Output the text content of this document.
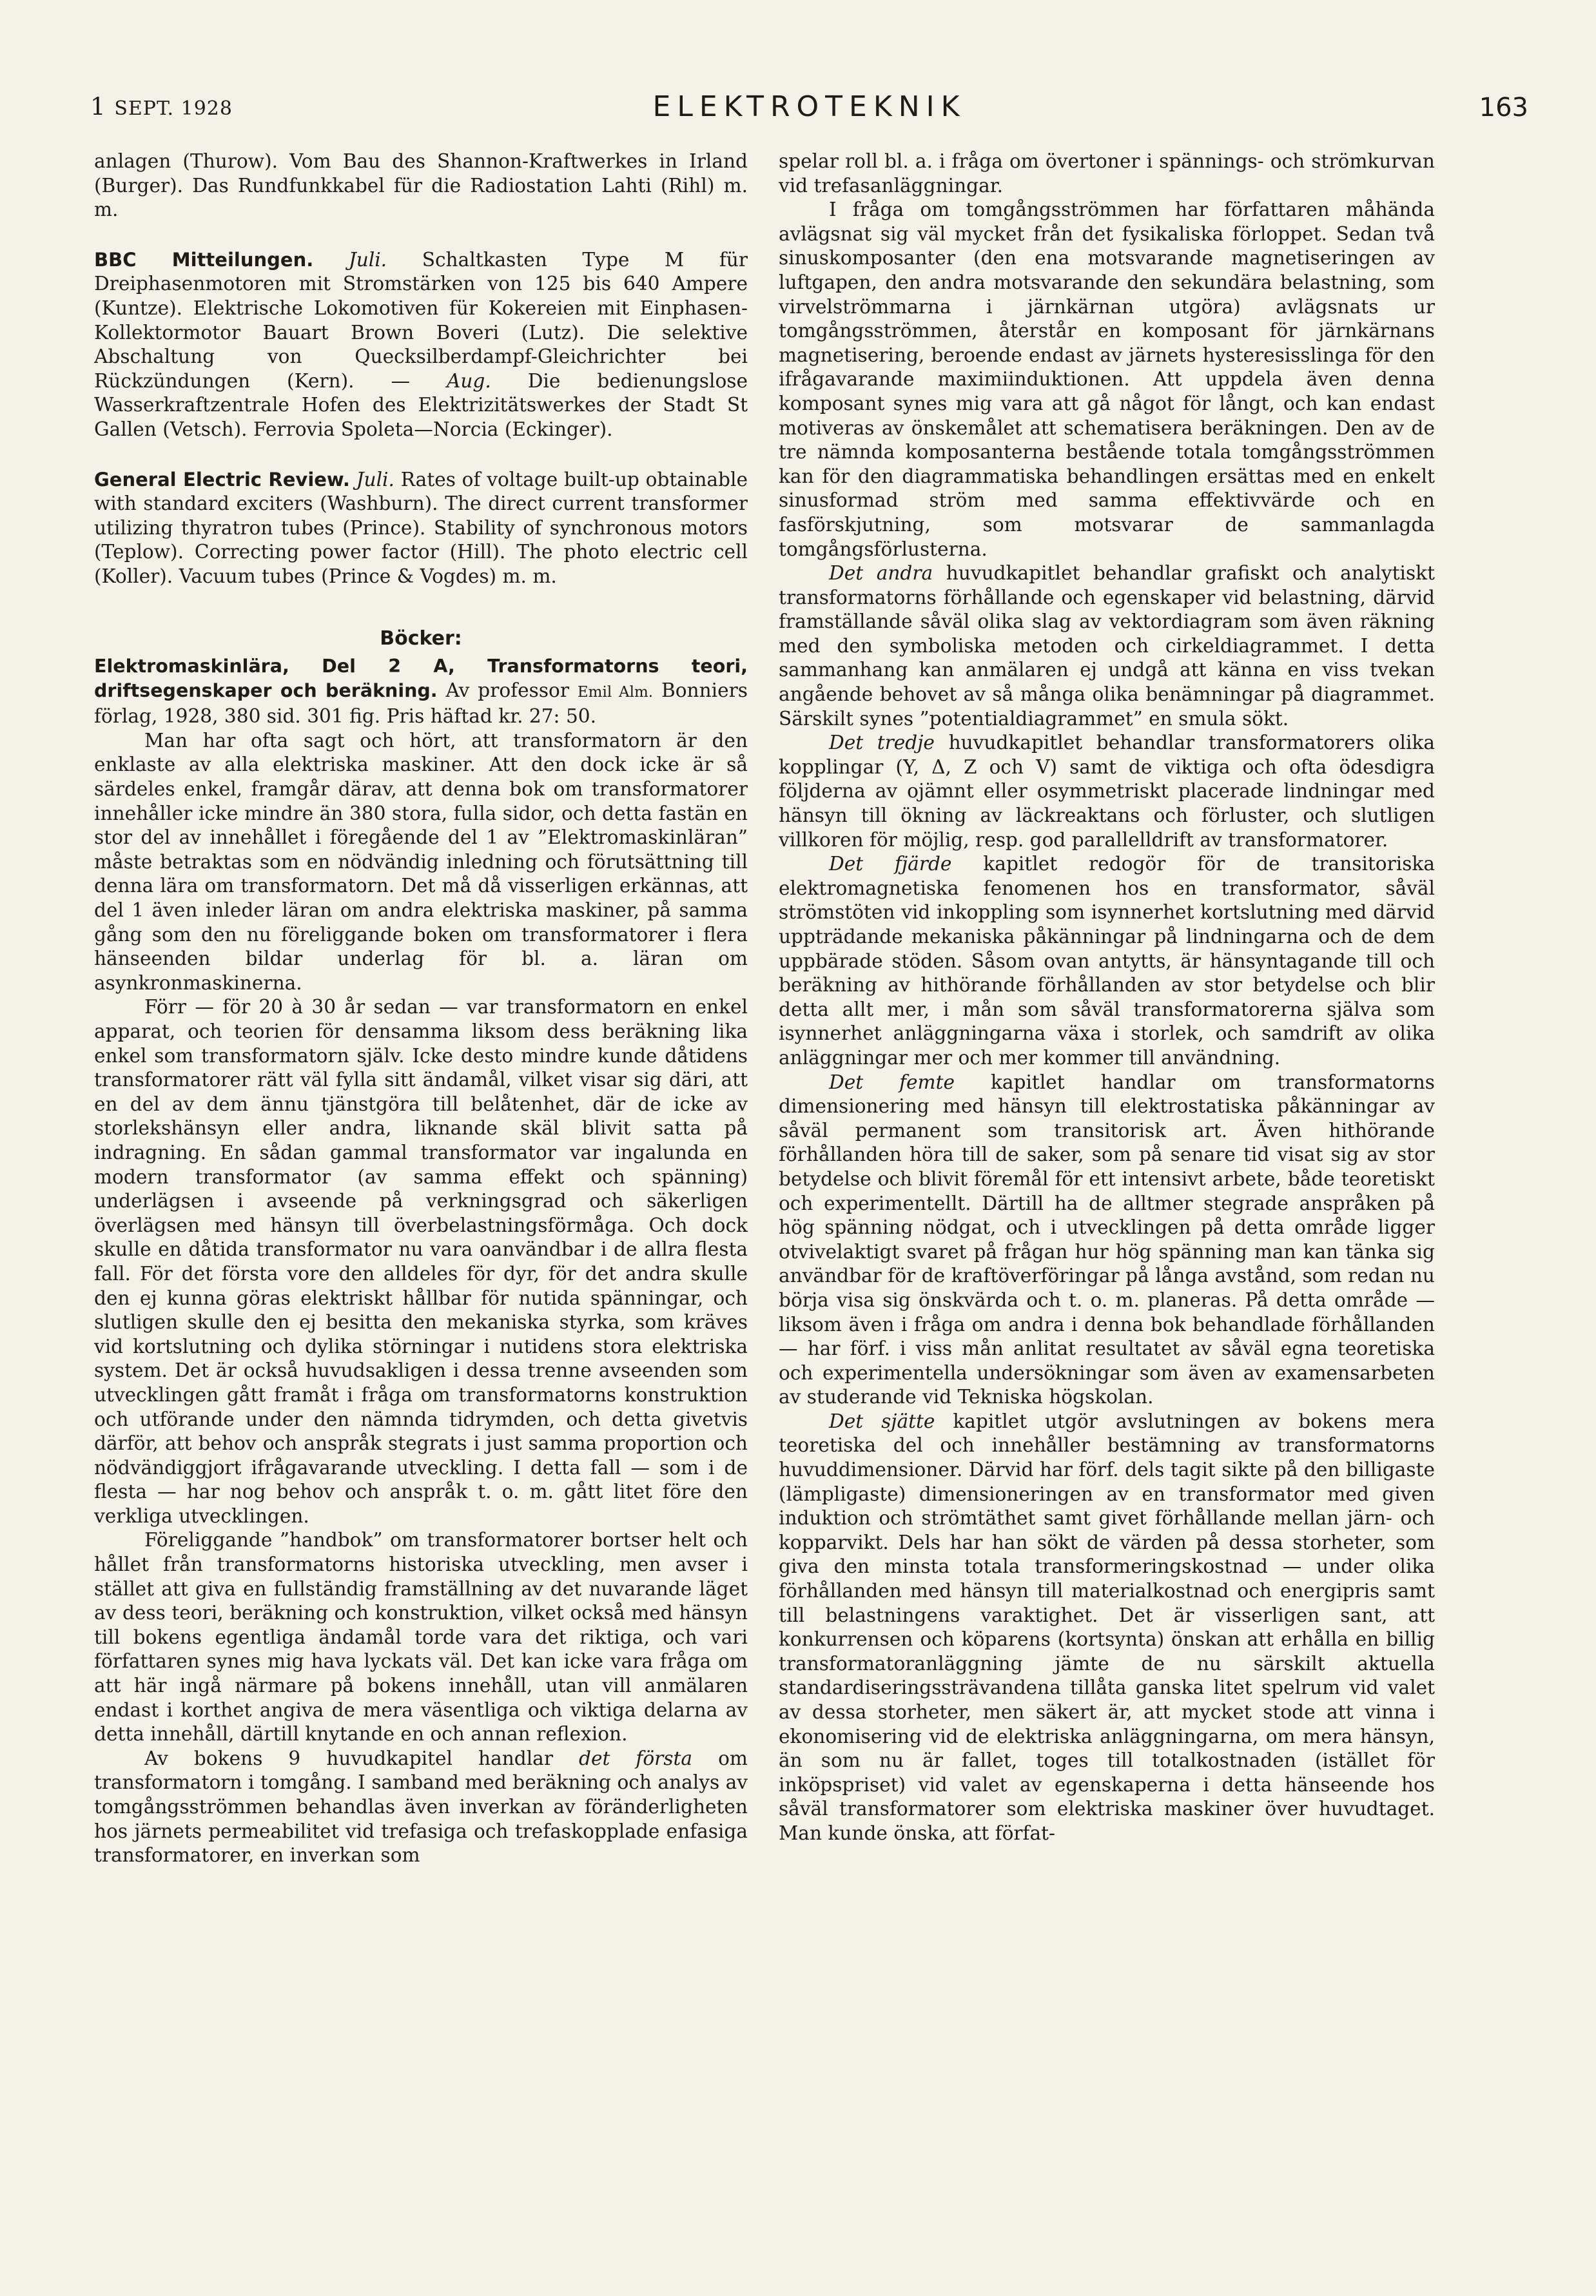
1 SEPT. 1928	ELEKTROTEKNIK	163

anlagen (Thurow). Vom Bau des Shannon-Kraftwerkes in Irland (Burger). Das Rundfunkkabel für die Radiostation Lahti (Rihl) m. m.

BBC Mitteilungen. Juli. Schaltkasten Type M für Dreiphasenmotoren mit Stromstärken von 125 bis 640 Ampere (Kuntze). Elektrische Lokomotiven für Kokereien mit Einphasen-Kollektormotor Bauart Brown Boveri (Lutz). Die selektive Abschaltung von Quecksilberdampf-Gleichrichter bei Rückzündungen (Kern). — Aug. Die bedienungslose Wasserkraftzentrale Hofen des Elektrizitätswerkes der Stadt St Gallen (Vetsch). Ferrovia Spoleta—Norcia (Eckinger).

General Electric Review. Juli. Rates of voltage built-up obtainable with standard exciters (Washburn). The direct current transformer utilizing thyratron tubes (Prince). Stability of synchronous motors (Teplow). Correcting power factor (Hill). The photo electric cell (Koller). Vacuum tubes (Prince & Vogdes) m. m.

Böcker:

Elektromaskinlära, Del 2 A, Transformatorns teori, driftsegenskaper och beräkning. Av professor Emil Alm. Bonniers förlag, 1928, 380 sid. 301 fig. Pris häftad kr. 27: 50.

Man har ofta sagt och hört, att transformatorn är den enklaste av alla elektriska maskiner. Att den dock icke är så särdeles enkel, framgår därav, att denna bok om transformatorer innehåller icke mindre än 380 stora, fulla sidor, och detta fastän en stor del av innehållet i föregående del 1 av ”Elektromaskinläran” måste betraktas som en nödvändig inledning och förutsättning till denna lära om transformatorn. Det må då visserligen erkännas, att del 1 även inleder läran om andra elektriska maskiner, på samma gång som den nu föreliggande boken om transformatorer i flera hänseenden bildar underlag för bl. a. läran om asynkronmaskinerna.

Förr — för 20 à 30 år sedan — var transformatorn en enkel apparat, och teorien för densamma liksom dess beräkning lika enkel som transformatorn själv. Icke desto mindre kunde dåtidens transformatorer rätt väl fylla sitt ändamål, vilket visar sig däri, att en del av dem ännu tjänstgöra till belåtenhet, där de icke av storlekshänsyn eller andra, liknande skäl blivit satta på indragning. En sådan gammal transformator var ingalunda en modern transformator (av samma effekt och spänning) underlägsen i avseende på verkningsgrad och säkerligen överlägsen med hänsyn till överbelastningsförmåga. Och dock skulle en dåtida transformator nu vara oanvändbar i de allra flesta fall. För det första vore den alldeles för dyr, för det andra skulle den ej kunna göras elektriskt hållbar för nutida spänningar, och slutligen skulle den ej besitta den mekaniska styrka, som kräves vid kortslutning och dylika störningar i nutidens stora elektriska system. Det är också huvudsakligen i dessa trenne avseenden som utvecklingen gått framåt i fråga om transformatorns konstruktion och utförande under den nämnda tidrymden, och detta givetvis därför, att behov och anspråk stegrats i just samma proportion och nödvändiggjort ifrågavarande utveckling. I detta fall — som i de flesta — har nog behov och anspråk t. o. m. gått litet före den verkliga utvecklingen.

Föreliggande ”handbok” om transformatorer bortser helt och hållet från transformatorns historiska utveckling, men avser i stället att giva en fullständig framställning av det nuvarande läget av dess teori, beräkning och konstruktion, vilket också med hänsyn till bokens egentliga ändamål torde vara det riktiga, och vari författaren synes mig hava lyckats väl. Det kan icke vara fråga om att här ingå närmare på bokens innehåll, utan vill anmälaren endast i korthet angiva de mera väsentliga och viktiga delarna av detta innehåll, därtill knytande en och annan reflexion.

Av bokens 9 huvudkapitel handlar det första om transformatorn i tomgång. I samband med beräkning och analys av tomgångsströmmen behandlas även inverkan av föränderligheten hos järnets permeabilitet vid trefasiga och trefaskopplade enfasiga transformatorer, en inverkan som

spelar roll bl. a. i fråga om övertoner i spännings- och strömkurvan vid trefasanläggningar.

I fråga om tomgångsströmmen har författaren måhända avlägsnat sig väl mycket från det fysikaliska förloppet. Sedan två sinuskomposanter (den ena motsvarande magnetiseringen av luftgapen, den andra motsvarande den sekundära belastning, som virvelströmmarna i järnkärnan utgöra) avlägsnats ur tomgångsströmmen, återstår en komposant för järnkärnans magnetisering, beroende endast av järnets hysteresisslinga för den ifrågavarande maximiinduktionen. Att uppdela även denna komposant synes mig vara att gå något för långt, och kan endast motiveras av önskemålet att schematisera beräkningen. Den av de tre nämnda komposanterna bestående totala tomgångsströmmen kan för den diagrammatiska behandlingen ersättas med en enkelt sinusformad ström med samma effektivvärde och en fasförskjutning, som motsvarar de sammanlagda tomgångsförlusterna.

Det andra huvudkapitlet behandlar grafiskt och analytiskt transformatorns förhållande och egenskaper vid belastning, därvid framställande såväl olika slag av vektordiagram som även räkning med den symboliska metoden och cirkeldiagrammet. I detta sammanhang kan anmälaren ej undgå att känna en viss tvekan angående behovet av så många olika benämningar på diagrammet. Särskilt synes ”potentialdiagrammet” en smula sökt.

Det tredje huvudkapitlet behandlar transformatorers olika kopplingar (Y, Δ, Z och V) samt de viktiga och ofta ödesdigra följderna av ojämnt eller osymmetriskt placerade lindningar med hänsyn till ökning av läckreaktans och förluster, och slutligen villkoren för möjlig, resp. god parallelldrift av transformatorer.

Det fjärde kapitlet redogör för de transitoriska elektromagnetiska fenomenen hos en transformator, såväl strömstöten vid inkoppling som isynnerhet kortslutning med därvid uppträdande mekaniska påkänningar på lindningarna och de dem uppbärade stöden. Såsom ovan antytts, är hänsyntagande till och beräkning av hithörande förhållanden av stor betydelse och blir detta allt mer, i mån som såväl transformatorerna själva som isynnerhet anläggningarna växa i storlek, och samdrift av olika anläggningar mer och mer kommer till användning.

Det femte kapitlet handlar om transformatorns dimensionering med hänsyn till elektrostatiska påkänningar av såväl permanent som transitorisk art. Även hithörande förhållanden höra till de saker, som på senare tid visat sig av stor betydelse och blivit föremål för ett intensivt arbete, både teoretiskt och experimentellt. Därtill ha de alltmer stegrade anspråken på hög spänning nödgat, och i utvecklingen på detta område ligger otvivelaktigt svaret på frågan hur hög spänning man kan tänka sig användbar för de kraftöverföringar på långa avstånd, som redan nu börja visa sig önskvärda och t. o. m. planeras. På detta område — liksom även i fråga om andra i denna bok behandlade förhållanden — har förf. i viss mån anlitat resultatet av såväl egna teoretiska och experimentella undersökningar som även av examensarbeten av studerande vid Tekniska högskolan.

Det sjätte kapitlet utgör avslutningen av bokens mera teoretiska del och innehåller bestämning av transformatorns huvuddimensioner. Därvid har förf. dels tagit sikte på den billigaste (lämpligaste) dimensioneringen av en transformator med given induktion och strömtäthet samt givet förhållande mellan järn- och kopparvikt. Dels har han sökt de värden på dessa storheter, som giva den minsta totala transformeringskostnad — under olika förhållanden med hänsyn till materialkostnad och energipris samt till belastningens varaktighet. Det är visserligen sant, att konkurrensen och köparens (kortsynta) önskan att erhålla en billig transformatoranläggning jämte de nu särskilt aktuella standardiseringssträvandena tillåta ganska litet spelrum vid valet av dessa storheter, men säkert är, att mycket stode att vinna i ekonomisering vid de elektriska anläggningarna, om mera hänsyn, än som nu är fallet, toges till totalkostnaden (istället för inköpspriset) vid valet av egenskaperna i detta hänseende hos såväl transformatorer som elektriska maskiner över huvudtaget. Man kunde önska, att förfat-
